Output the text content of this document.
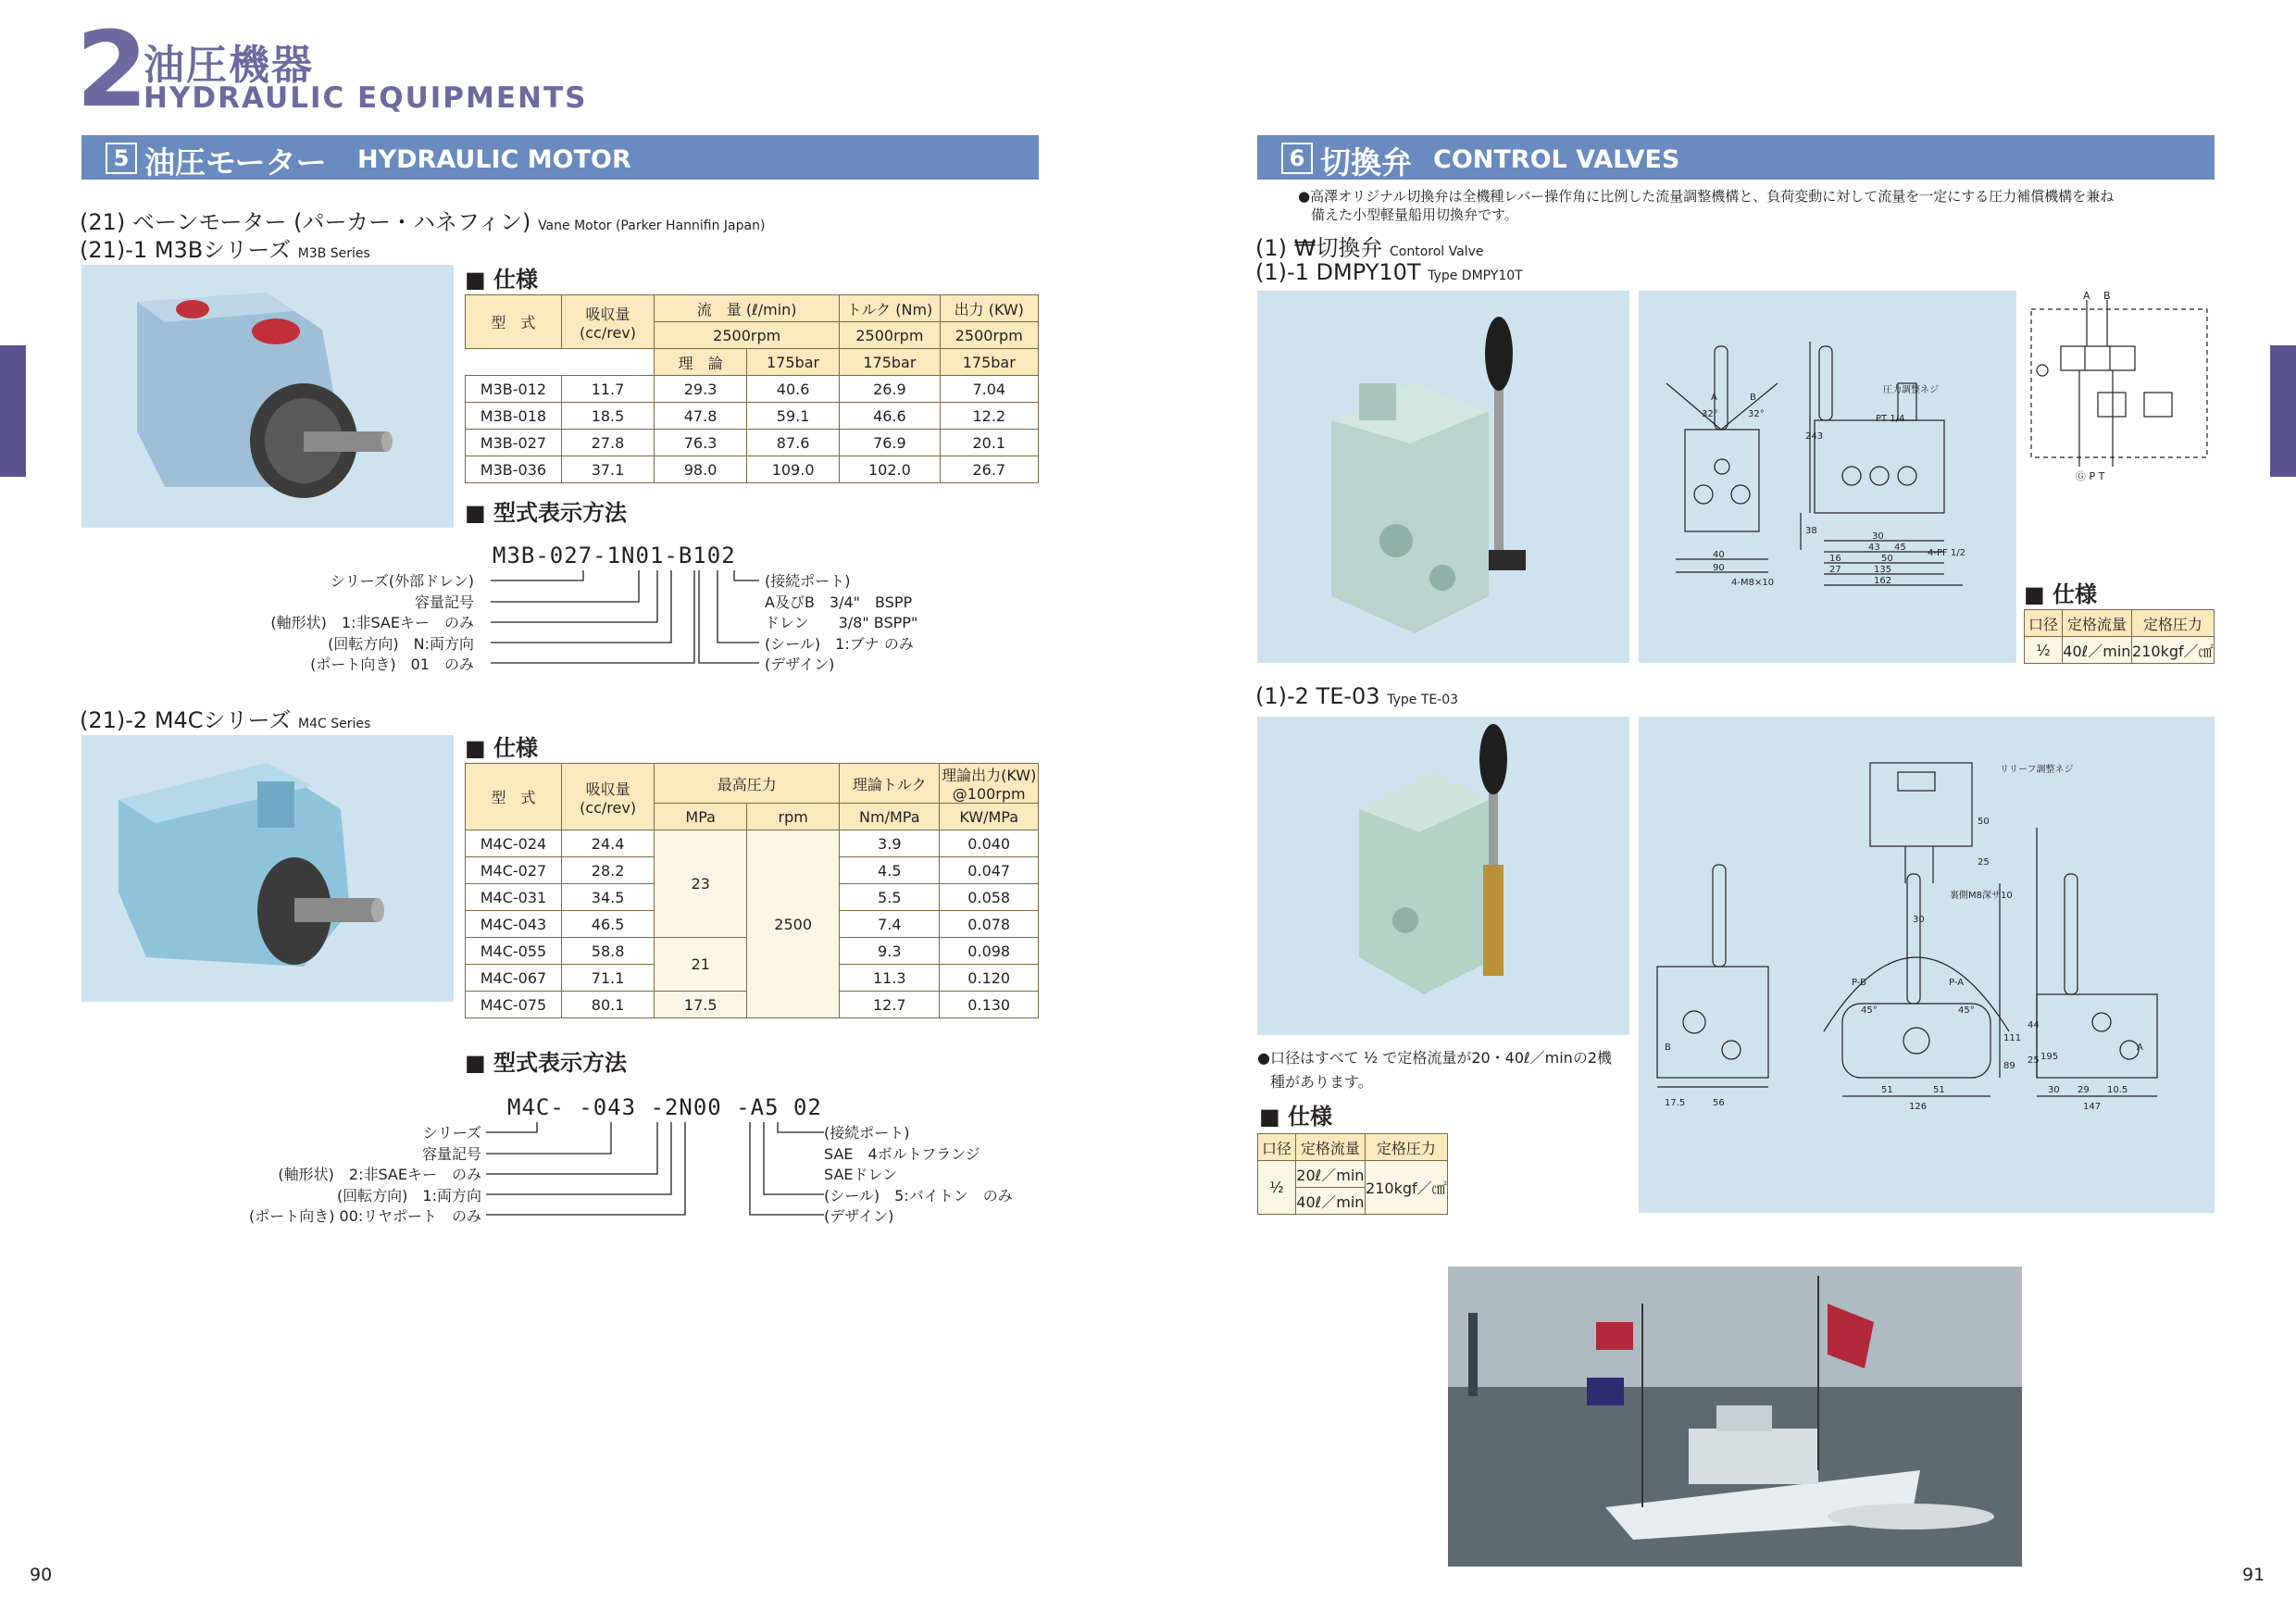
2
油圧機器
HYDRAULIC EQUIPMENTS
5 油圧モーター HYDRAULIC MOTOR	6 切換弁 CONTROL VALVES
(21) ベーンモーター (パーカー・ハネフィン) Vane Motor (Parker Hannifin Japan)
(21)-1 M3Bシリーズ M3B Series
■ 仕様
型　式	吸収量 (cc/rev)	流　量 (ℓ/min)		トルク (Nm)	出力 (KW)
		2500rpm		2500rpm	2500rpm
		理　論	175bar	175bar	175bar
M3B-012	11.7	29.3	40.6	26.9	7.04
M3B-018	18.5	47.8	59.1	46.6	12.2
M3B-027	27.8	76.3	87.6	76.9	20.1
M3B-036	37.1	98.0	109.0	102.0	26.7
■ 型式表示方法
M3B-027-1N01-B102
シリーズ(外部ドレン)
容量記号
(軸形状)　1:非SAEキー　のみ
(回転方向)　N:両方向
(ポート向き)　01　のみ
(接続ポート)
A及びB　3/4"　BSPP
ドレン　　3/8" BSPP"
(シール)　1:ブナ のみ
(デザイン)
(21)-2 M4Cシリーズ M4C Series
■ 仕様
型　式	吸収量 (cc/rev)	最高圧力		理論トルク	理論出力(KW) @100rpm
		MPa	rpm	Nm/MPa	KW/MPa
M4C-024	24.4	23	2500	3.9	0.040
M4C-027	28.2			4.5	0.047
M4C-031	34.5			5.5	0.058
M4C-043	46.5			7.4	0.078
M4C-055	58.8	21		9.3	0.098
M4C-067	71.1			11.3	0.120
M4C-075	80.1	17.5		12.7	0.130
■ 型式表示方法
M4C- -043 -2N00 -A5 02
シリーズ
容量記号
(軸形状)　2:非SAEキー　のみ
(回転方向)　1:両方向
(ポート向き) 00:リヤポート　のみ
(接続ポート)
SAE　4ボルトフランジ
SAEドレン
(シール)　5:バイトン　のみ
(デザイン)
90
●高澤オリジナル切換弁は全機種レバー操作角に比例した流量調整機構と、負荷変動に対して流量を一定にする圧力補償機構を兼ね
備えた小型軽量船用切換弁です。
(1) ₩切換弁 Contorol Valve
(1)-1 DMPY10T Type DMPY10T
A	B
32°	32°
圧力調整ネジ
PT 1/4
243
38
4-PF 1/2
40
90
4-M8×10
30
43 45
50
16
27	135
162
A B
Ⓖ P T
■ 仕様
口径	定格流量	定格圧力
½	40ℓ／min	210kgf／㎠
(1)-2 TE-03 Type TE-03
リリーフ調整ネジ
裏側M8深サ10
50
25
30
P-B	P-A
45°	45°
195
111
89
44
25
17.5	56
51	51
126
30 29 10.5
147
B	A
●口径はすべて ½ で定格流量が20・40ℓ／minの2機
種があります。
■ 仕様
口径	定格流量	定格圧力
½	20ℓ／min	210kgf／㎠
	40ℓ／min	
91
